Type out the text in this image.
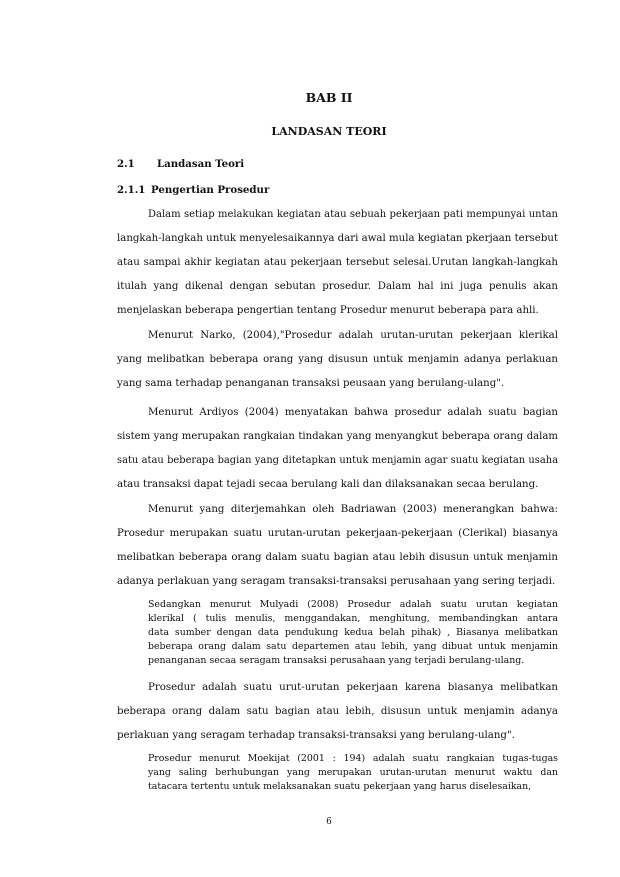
BAB II
LANDASAN TEORI
2.1 Landasan Teori
2.1.1 Pengertian Prosedur
Dalam setiap melakukan kegiatan atau sebuah pekerjaan pati mempunyai untan
langkah-langkah untuk menyelesaikannya dari awal mula kegiatan pkerjaan tersebut
atau sampai akhir kegiatan atau pekerjaan tersebut selesai.Urutan langkah-langkah
itulah yang dikenal dengan sebutan prosedur. Dalam hal ini juga penulis akan
menjelaskan beberapa pengertian tentang Prosedur menurut beberapa para ahli.
Menurut Narko, (2004),"Prosedur adalah urutan-urutan pekerjaan klerikal
yang melibatkan beberapa orang yang disusun untuk menjamin adanya perlakuan
yang sama terhadap penanganan transaksi peusaan yang berulang-ulang".
Menurut Ardiyos (2004) menyatakan bahwa prosedur adalah suatu bagian
sistem yang merupakan rangkaian tindakan yang menyangkut beberapa orang dalam
satu atau beberapa bagian yang ditetapkan untuk menjamin agar suatu kegiatan usaha
atau transaksi dapat tejadi secaa berulang kali dan dilaksanakan secaa berulang.
Menurut yang diterjemahkan oleh Badriawan (2003) menerangkan bahwa:
Prosedur merupakan suatu urutan-urutan pekerjaan-pekerjaan (Clerikal) biasanya
melibatkan beberapa orang dalam suatu bagian atau lebih disusun untuk menjamin
adanya perlakuan yang seragam transaksi-transaksi perusahaan yang sering terjadi.
Sedangkan menurut Mulyadi (2008) Prosedur adalah suatu urutan kegiatan
klerikal ( tulis menulis, menggandakan, menghitung, membandingkan antara
data sumber dengan data pendukung kedua belah pihak) , Biasanya melibatkan
beberapa orang dalam satu departemen atau lebih, yang dibuat untuk menjamin
penanganan secaa seragam transaksi perusahaan yang terjadi berulang-ulang.
Prosedur adalah suatu urut-urutan pekerjaan karena biasanya melibatkan
beberapa orang dalam satu bagian atau lebih, disusun untuk menjamin adanya
perlakuan yang seragam terhadap transaksi-transaksi yang berulang-ulang".
Prosedur menurut Moekijat (2001 : 194) adalah suatu rangkaian tugas-tugas
yang saling berhubungan yang merupakan urutan-urutan menurut waktu dan
tatacara tertentu untuk melaksanakan suatu pekerjaan yang harus diselesaikan,
6
